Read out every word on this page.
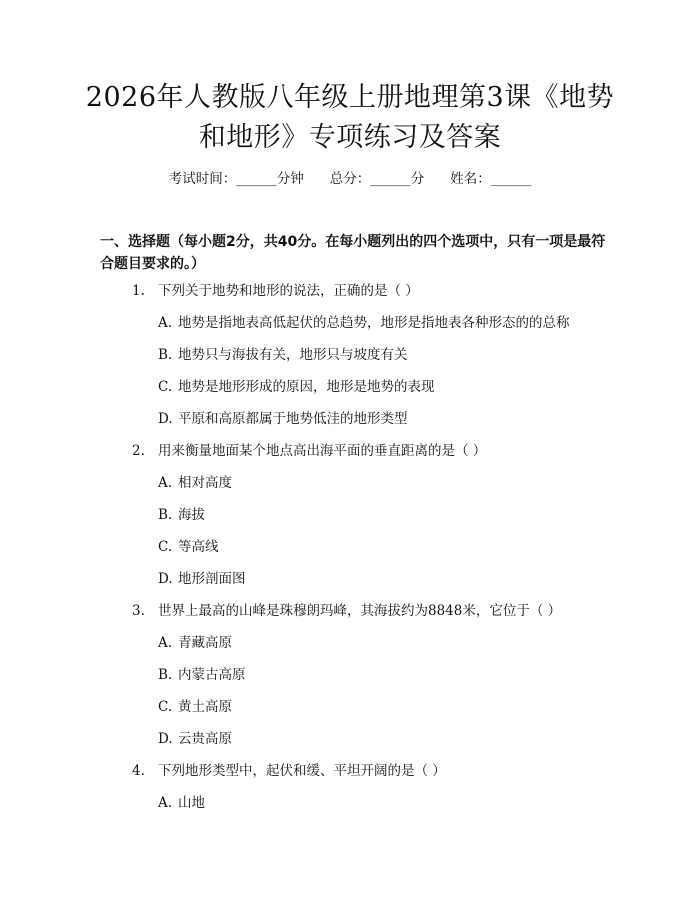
2026年人教版八年级上册地理第3课《地势
和地形》专项练习及答案
考试时间：______分钟 总分：______分 姓名：______
一、选择题（每小题2分，共40分。在每小题列出的四个选项中，只有一项是最符合题目要求的。）
1. 下列关于地势和地形的说法，正确的是（ ）
A. 地势是指地表高低起伏的总趋势，地形是指地表各种形态的的总称
B. 地势只与海拔有关，地形只与坡度有关
C. 地势是地形形成的原因，地形是地势的表现
D. 平原和高原都属于地势低洼的地形类型
2. 用来衡量地面某个地点高出海平面的垂直距离的是（ ）
A. 相对高度
B. 海拔
C. 等高线
D. 地形剖面图
3. 世界上最高的山峰是珠穆朗玛峰，其海拔约为8848米，它位于（ ）
A. 青藏高原
B. 内蒙古高原
C. 黄土高原
D. 云贵高原
4. 下列地形类型中，起伏和缓、平坦开阔的是（ ）
A. 山地
